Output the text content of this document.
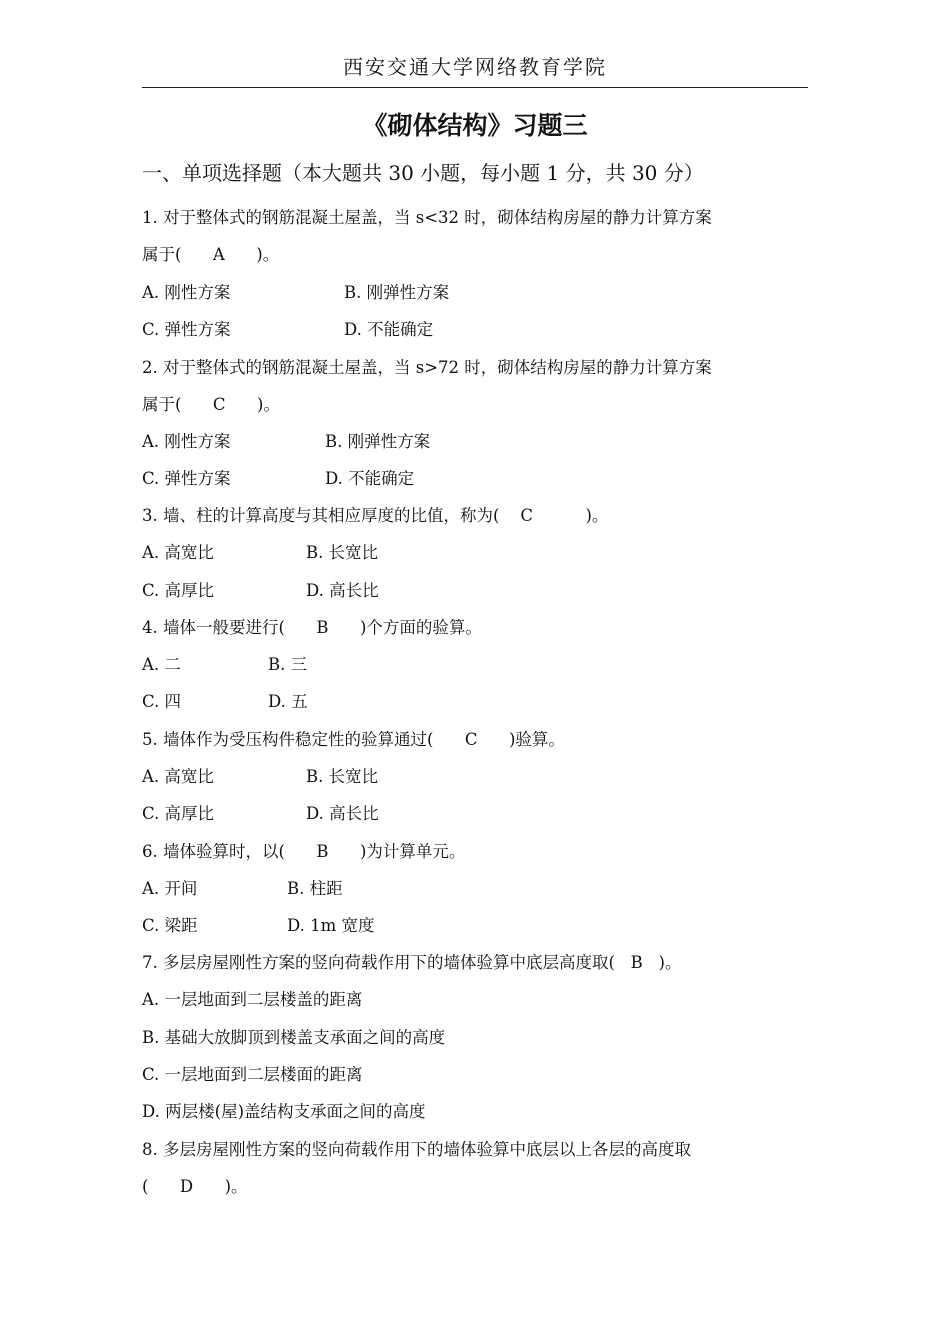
西安交通大学网络教育学院
《砌体结构》习题三
一、单项选择题（本大题共 30 小题，每小题 1 分，共 30 分）
1. 对于整体式的钢筋混凝土屋盖，当 s<32 时，砌体结构房屋的静力计算方案
属于(      A      )。
A. 刚性方案	B. 刚弹性方案
C. 弹性方案	D. 不能确定
2. 对于整体式的钢筋混凝土屋盖，当 s>72 时，砌体结构房屋的静力计算方案
属于(      C      )。
A. 刚性方案	B. 刚弹性方案
C. 弹性方案	D. 不能确定
3. 墙、柱的计算高度与其相应厚度的比值，称为(    C          )。
A. 高宽比	B. 长宽比
C. 高厚比	D. 高长比
4. 墙体一般要进行(      B      )个方面的验算。
A. 二	B. 三
C. 四	D. 五
5. 墙体作为受压构件稳定性的验算通过(      C      )验算。
A. 高宽比	B. 长宽比
C. 高厚比	D. 高长比
6. 墙体验算时，以(      B      )为计算单元。
A. 开间	B. 柱距
C. 梁距	D. 1m 宽度
7. 多层房屋刚性方案的竖向荷载作用下的墙体验算中底层高度取(   B   )。
A. 一层地面到二层楼盖的距离
B. 基础大放脚顶到楼盖支承面之间的高度
C. 一层地面到二层楼面的距离
D. 两层楼(屋)盖结构支承面之间的高度
8. 多层房屋刚性方案的竖向荷载作用下的墙体验算中底层以上各层的高度取
(      D      )。
